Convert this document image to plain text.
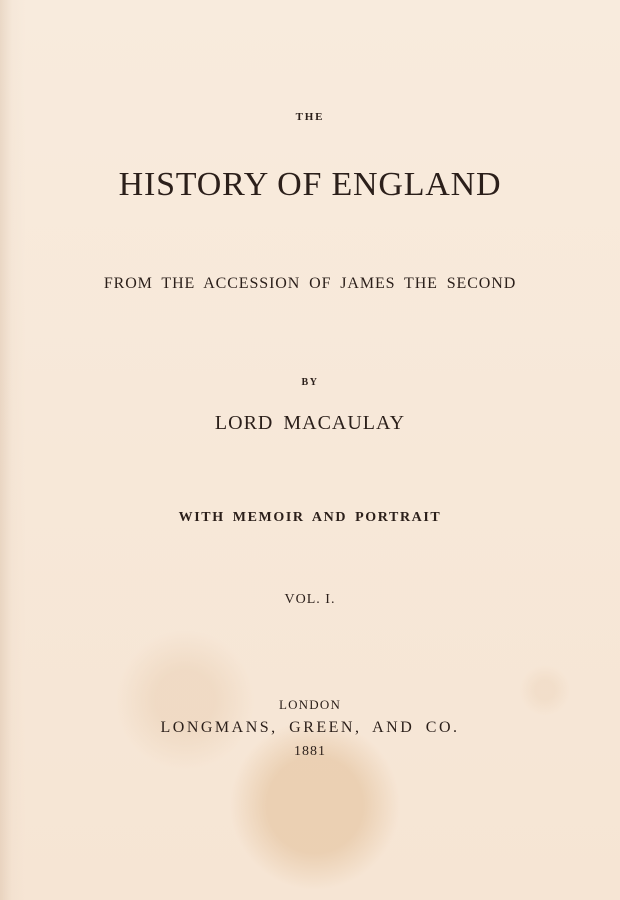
THE
HISTORY OF ENGLAND
FROM THE ACCESSION OF JAMES THE SECOND
BY
LORD MACAULAY
WITH MEMOIR AND PORTRAIT
VOL. I.
LONDON
LONGMANS, GREEN, AND CO.
1881
